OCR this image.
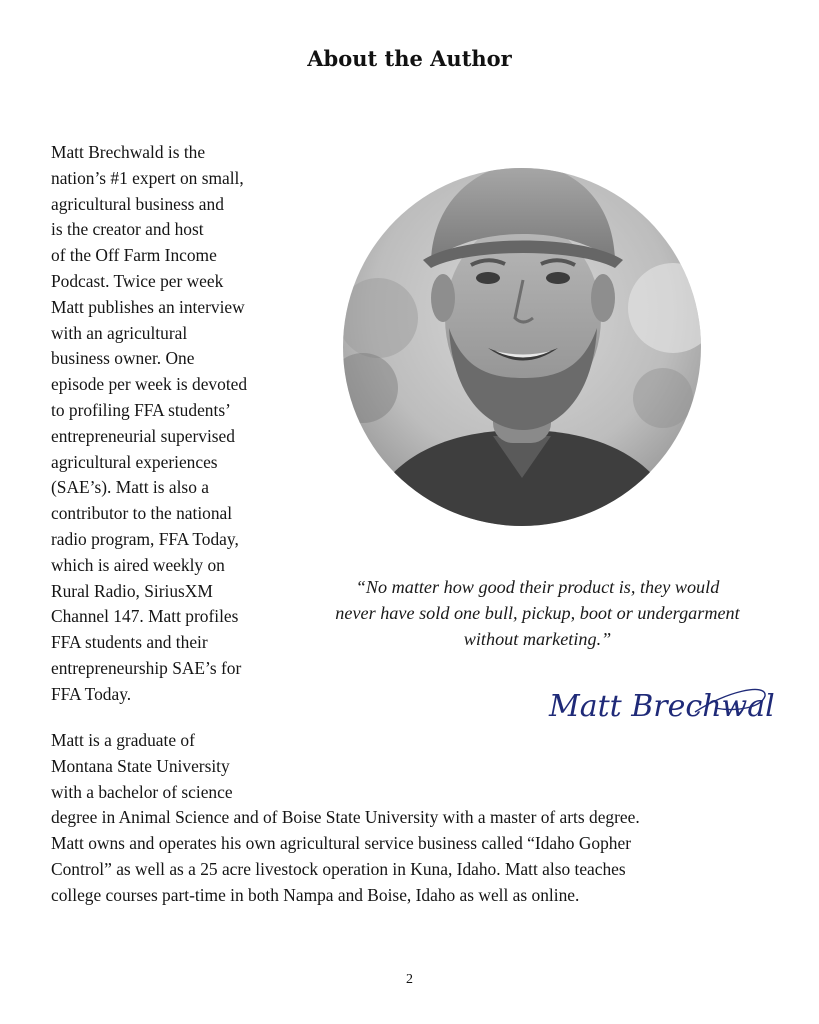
About the Author
Matt Brechwald is the
nation’s #1 expert on small,
agricultural business and
is the creator and host
of the Off Farm Income
Podcast. Twice per week
Matt publishes an interview
with an agricultural
business owner. One
episode per week is devoted
to profiling FFA students’
entrepreneurial supervised
agricultural experiences
(SAE’s). Matt is also a
contributor to the national
radio program, FFA Today,
which is aired weekly on
Rural Radio, SiriusXM
Channel 147. Matt profiles
FFA students and their
entrepreneurship SAE’s for
FFA Today.
Matt is a graduate of
Montana State University
with a bachelor of science
degree in Animal Science and of Boise State University with a master of arts degree.
Matt owns and operates his own agricultural service business called “Idaho Gopher
Control” as well as a 25 acre livestock operation in Kuna, Idaho. Matt also teaches
college courses part-time in both Nampa and Boise, Idaho as well as online.
“No matter how good their product is, they would
never have sold one bull, pickup, boot or undergarment
without marketing.”
Matt Brechwald
2
